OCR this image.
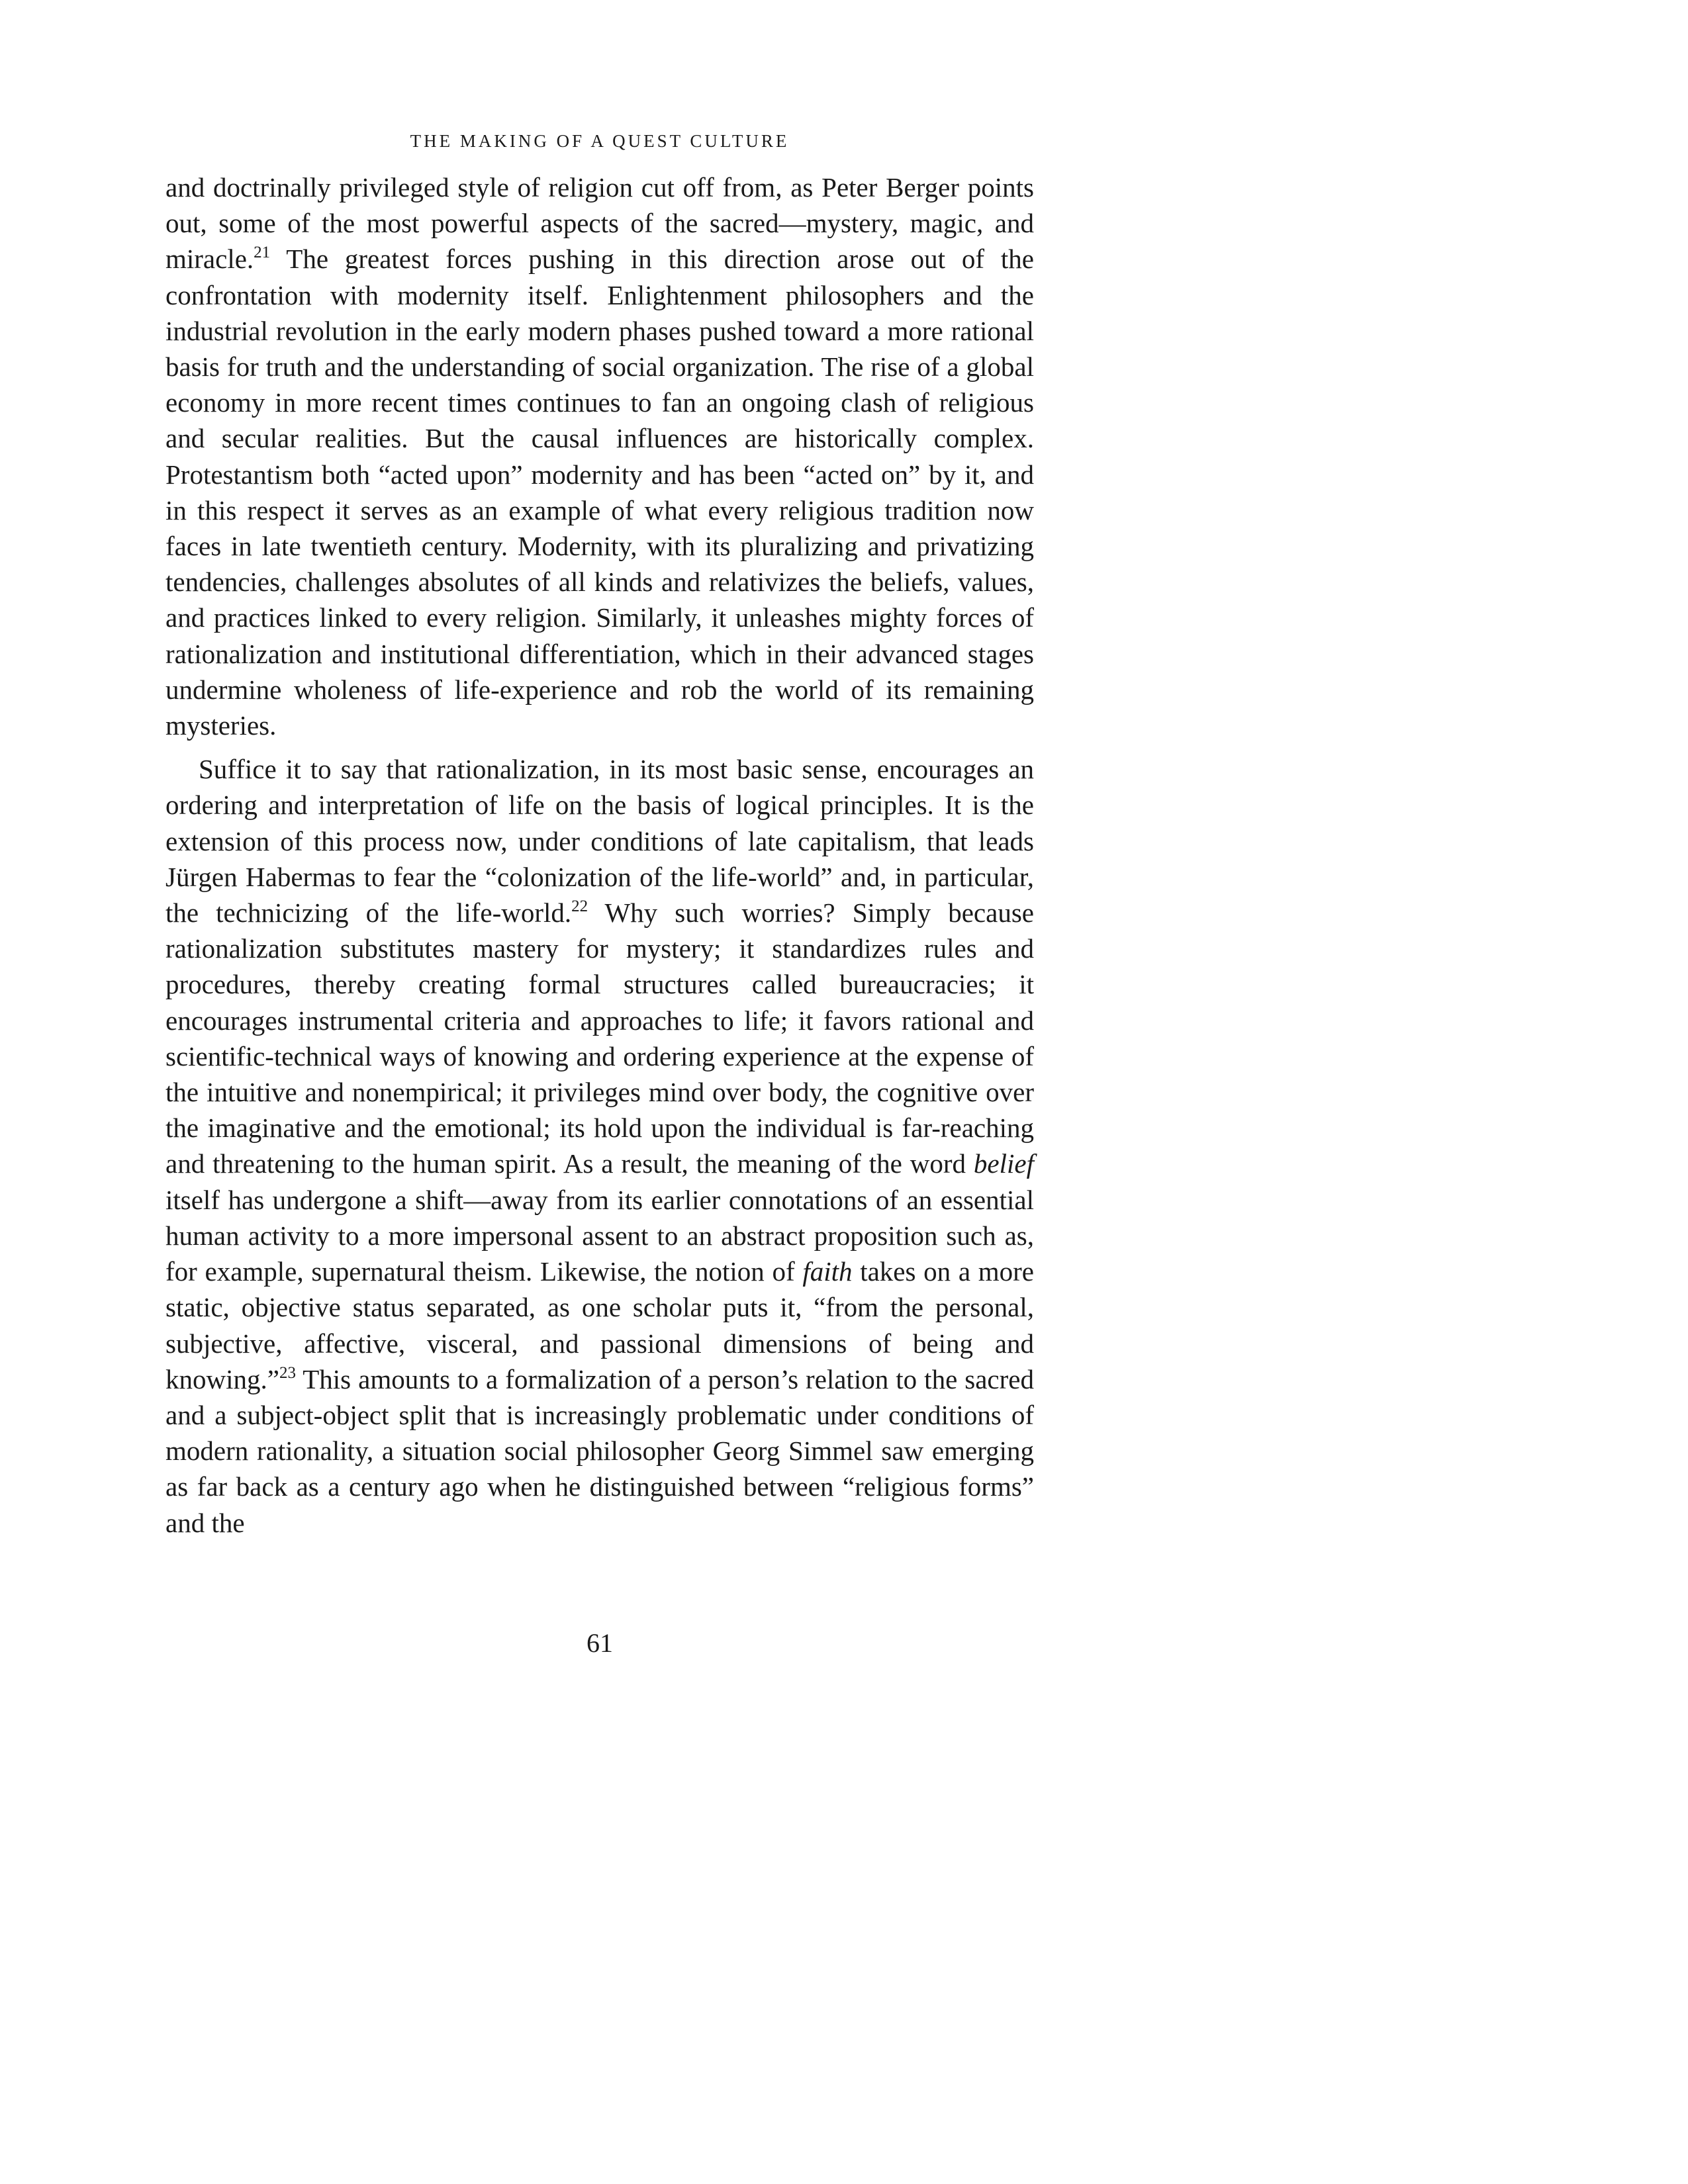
THE MAKING OF A QUEST CULTURE

and doctrinally privileged style of religion cut off from, as Peter Berger points out, some of the most powerful aspects of the sacred—mystery, magic, and miracle.$^{21}$ The greatest forces pushing in this direction arose out of the confrontation with modernity itself. Enlightenment philosophers and the industrial revolution in the early modern phases pushed toward a more rational basis for truth and the understanding of social organization. The rise of a global economy in more recent times continues to fan an ongoing clash of religious and secular realities. But the causal influences are historically complex. Protestantism both “acted upon” modernity and has been “acted on” by it, and in this respect it serves as an example of what every religious tradition now faces in late twentieth century. Modernity, with its pluralizing and privatizing tendencies, challenges absolutes of all kinds and relativizes the beliefs, values, and practices linked to every religion. Similarly, it unleashes mighty forces of rationalization and institutional differentiation, which in their advanced stages undermine wholeness of life-experience and rob the world of its remaining mysteries.

Suffice it to say that rationalization, in its most basic sense, encourages an ordering and interpretation of life on the basis of logical principles. It is the extension of this process now, under conditions of late capitalism, that leads Jürgen Habermas to fear the “colonization of the life-world” and, in particular, the technicizing of the life-world.$^{22}$ Why such worries? Simply because rationalization substitutes mastery for mystery; it standardizes rules and procedures, thereby creating formal structures called bureaucracies; it encourages instrumental criteria and approaches to life; it favors rational and scientific-technical ways of knowing and ordering experience at the expense of the intuitive and nonempirical; it privileges mind over body, the cognitive over the imaginative and the emotional; its hold upon the individual is far-reaching and threatening to the human spirit. As a result, the meaning of the word belief itself has undergone a shift—away from its earlier connotations of an essential human activity to a more impersonal assent to an abstract proposition such as, for example, supernatural theism. Likewise, the notion of faith takes on a more static, objective status separated, as one scholar puts it, “from the personal, subjective, affective, visceral, and passional dimensions of being and knowing.”$^{23}$ This amounts to a formalization of a person’s relation to the sacred and a subject-object split that is increasingly problematic under conditions of modern rationality, a situation social philosopher Georg Simmel saw emerging as far back as a century ago when he distinguished between “religious forms” and the

61
